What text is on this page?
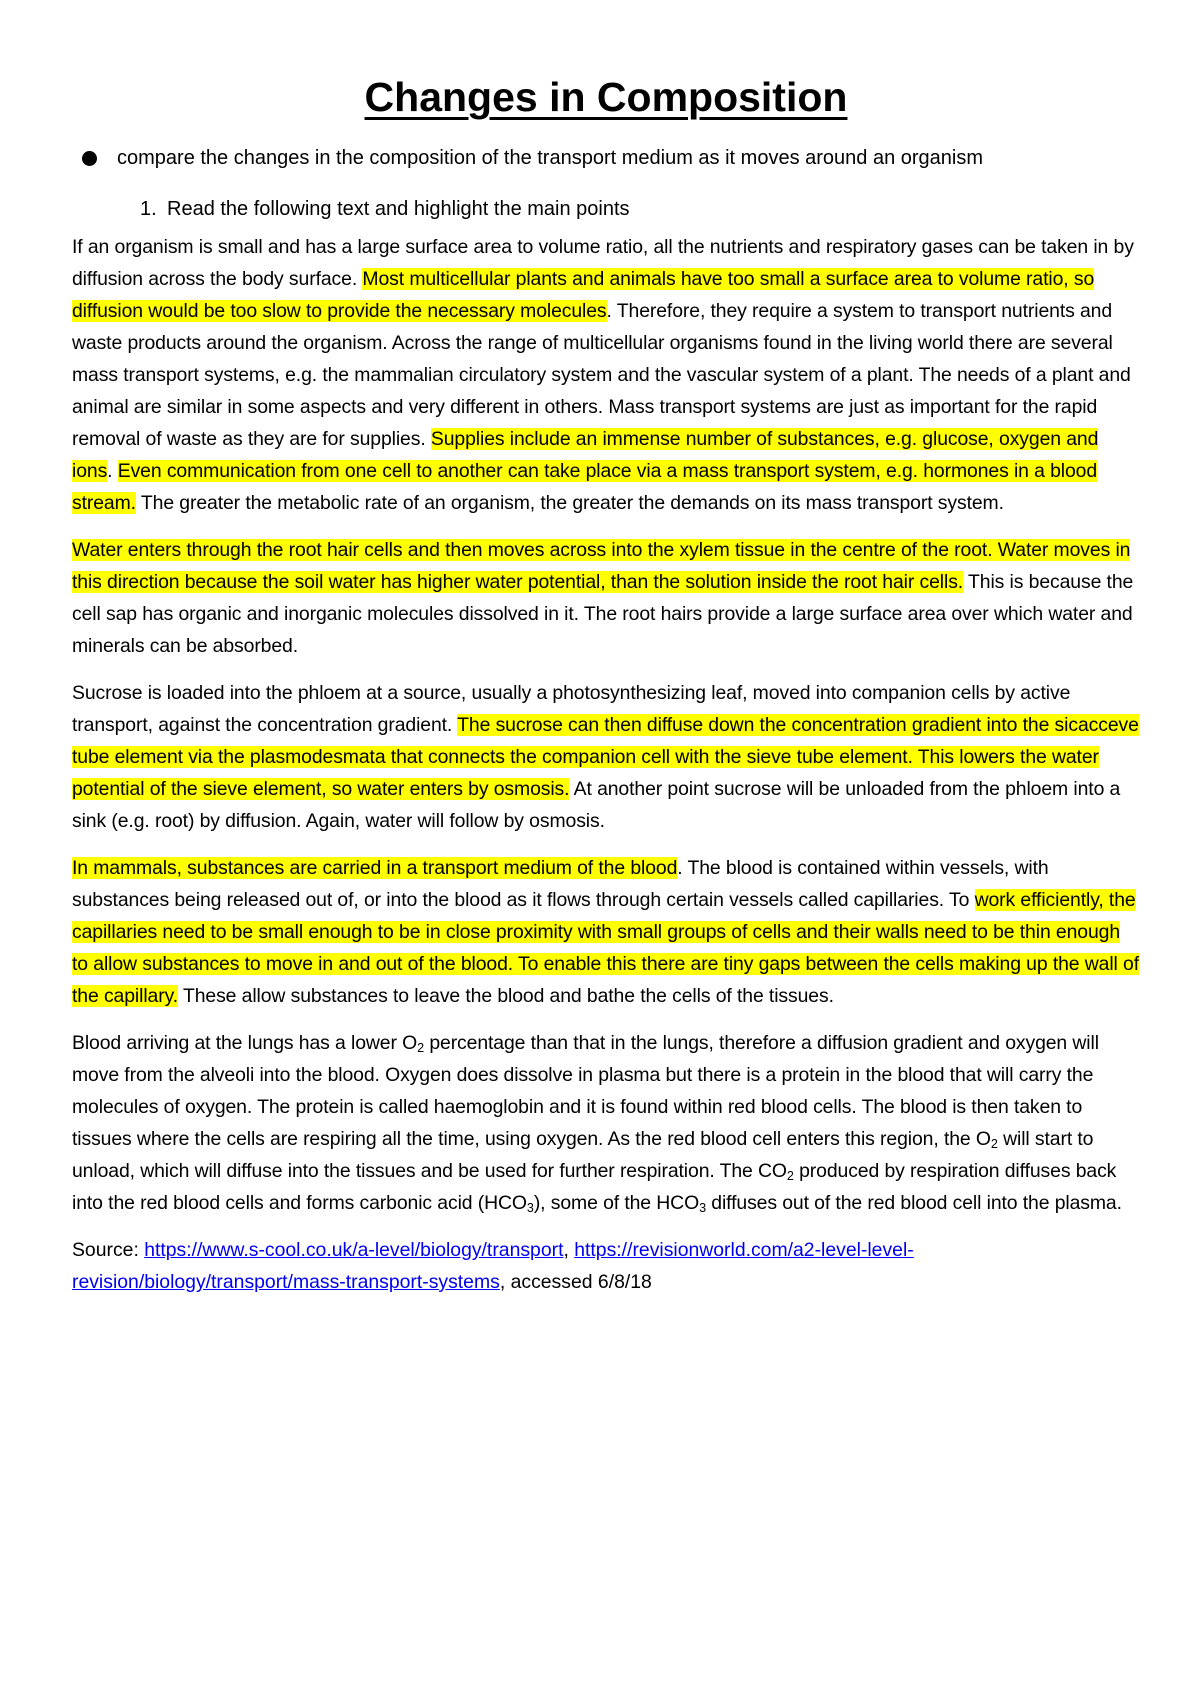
Changes in Composition
compare the changes in the composition of the transport medium as it moves around an organism
1. Read the following text and highlight the main points

If an organism is small and has a large surface area to volume ratio, all the nutrients and respiratory gases can be taken in by diffusion across the body surface. Most multicellular plants and animals have too small a surface area to volume ratio, so diffusion would be too slow to provide the necessary molecules. Therefore, they require a system to transport nutrients and waste products around the organism. Across the range of multicellular organisms found in the living world there are several mass transport systems, e.g. the mammalian circulatory system and the vascular system of a plant. The needs of a plant and animal are similar in some aspects and very different in others. Mass transport systems are just as important for the rapid removal of waste as they are for supplies. Supplies include an immense number of substances, e.g. glucose, oxygen and ions. Even communication from one cell to another can take place via a mass transport system, e.g. hormones in a blood stream. The greater the metabolic rate of an organism, the greater the demands on its mass transport system.

Water enters through the root hair cells and then moves across into the xylem tissue in the centre of the root. Water moves in this direction because the soil water has higher water potential, than the solution inside the root hair cells. This is because the cell sap has organic and inorganic molecules dissolved in it. The root hairs provide a large surface area over which water and minerals can be absorbed.

Sucrose is loaded into the phloem at a source, usually a photosynthesizing leaf, moved into companion cells by active transport, against the concentration gradient. The sucrose can then diffuse down the concentration gradient into the sicacceve tube element via the plasmodesmata that connects the companion cell with the sieve tube element. This lowers the water potential of the sieve element, so water enters by osmosis. At another point sucrose will be unloaded from the phloem into a sink (e.g. root) by diffusion. Again, water will follow by osmosis.

In mammals, substances are carried in a transport medium of the blood. The blood is contained within vessels, with substances being released out of, or into the blood as it flows through certain vessels called capillaries. To work efficiently, the capillaries need to be small enough to be in close proximity with small groups of cells and their walls need to be thin enough to allow substances to move in and out of the blood. To enable this there are tiny gaps between the cells making up the wall of the capillary. These allow substances to leave the blood and bathe the cells of the tissues.

Blood arriving at the lungs has a lower $O_2$ percentage than that in the lungs, therefore a diffusion gradient and oxygen will move from the alveoli into the blood. Oxygen does dissolve in plasma but there is a protein in the blood that will carry the molecules of oxygen. The protein is called haemoglobin and it is found within red blood cells. The blood is then taken to tissues where the cells are respiring all the time, using oxygen. As the red blood cell enters this region, the $O_2$ will start to unload, which will diffuse into the tissues and be used for further respiration. The $CO_2$ produced by respiration diffuses back into the red blood cells and forms carbonic acid $(HCO_3)$, some of the $HCO_3$ diffuses out of the red blood cell into the plasma.

Source: https://www.s-cool.co.uk/a-level/biology/transport, https://revisionworld.com/a2-level-level-revision/biology/transport/mass-transport-systems, accessed 6/8/18
